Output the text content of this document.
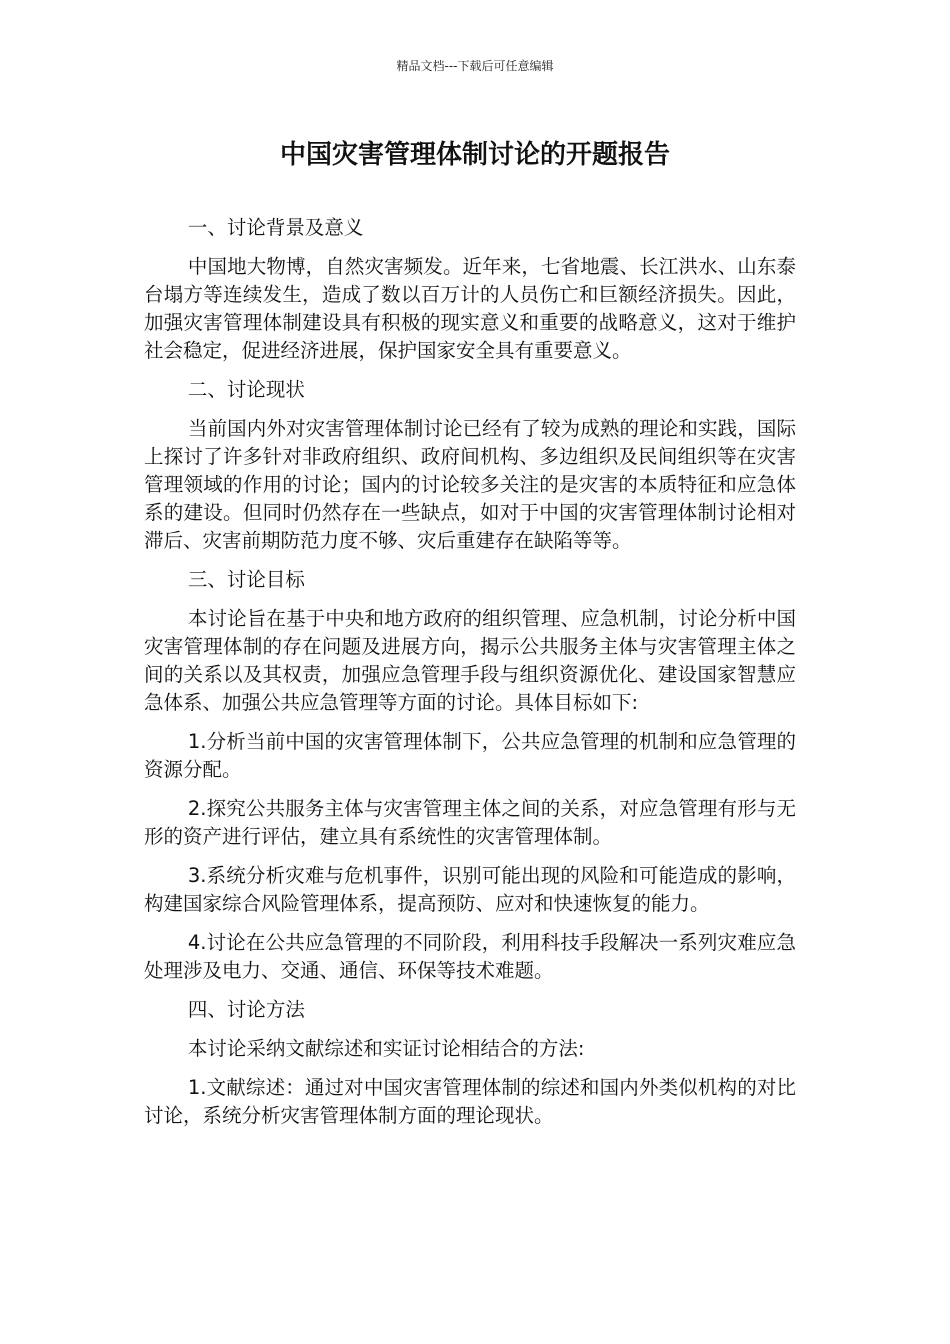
精品文档---下载后可任意编辑
中国灾害管理体制讨论的开题报告

一、讨论背景及意义

中国地大物博，自然灾害频发。近年来，七省地震、长江洪水、山东泰台塌方等连续发生，造成了数以百万计的人员伤亡和巨额经济损失。因此，加强灾害管理体制建设具有积极的现实意义和重要的战略意义，这对于维护社会稳定，促进经济进展，保护国家安全具有重要意义。

二、讨论现状

当前国内外对灾害管理体制讨论已经有了较为成熟的理论和实践，国际上探讨了许多针对非政府组织、政府间机构、多边组织及民间组织等在灾害管理领域的作用的讨论；国内的讨论较多关注的是灾害的本质特征和应急体系的建设。但同时仍然存在一些缺点，如对于中国的灾害管理体制讨论相对滞后、灾害前期防范力度不够、灾后重建存在缺陷等等。

三、讨论目标

本讨论旨在基于中央和地方政府的组织管理、应急机制，讨论分析中国灾害管理体制的存在问题及进展方向，揭示公共服务主体与灾害管理主体之间的关系以及其权责，加强应急管理手段与组织资源优化、建设国家智慧应急体系、加强公共应急管理等方面的讨论。具体目标如下:

1.分析当前中国的灾害管理体制下，公共应急管理的机制和应急管理的资源分配。

2.探究公共服务主体与灾害管理主体之间的关系，对应急管理有形与无形的资产进行评估，建立具有系统性的灾害管理体制。

3.系统分析灾难与危机事件，识别可能出现的风险和可能造成的影响，构建国家综合风险管理体系，提高预防、应对和快速恢复的能力。

4.讨论在公共应急管理的不同阶段，利用科技手段解决一系列灾难应急处理涉及电力、交通、通信、环保等技术难题。

四、讨论方法

本讨论采纳文献综述和实证讨论相结合的方法:

1.文献综述：通过对中国灾害管理体制的综述和国内外类似机构的对比讨论，系统分析灾害管理体制方面的理论现状。
